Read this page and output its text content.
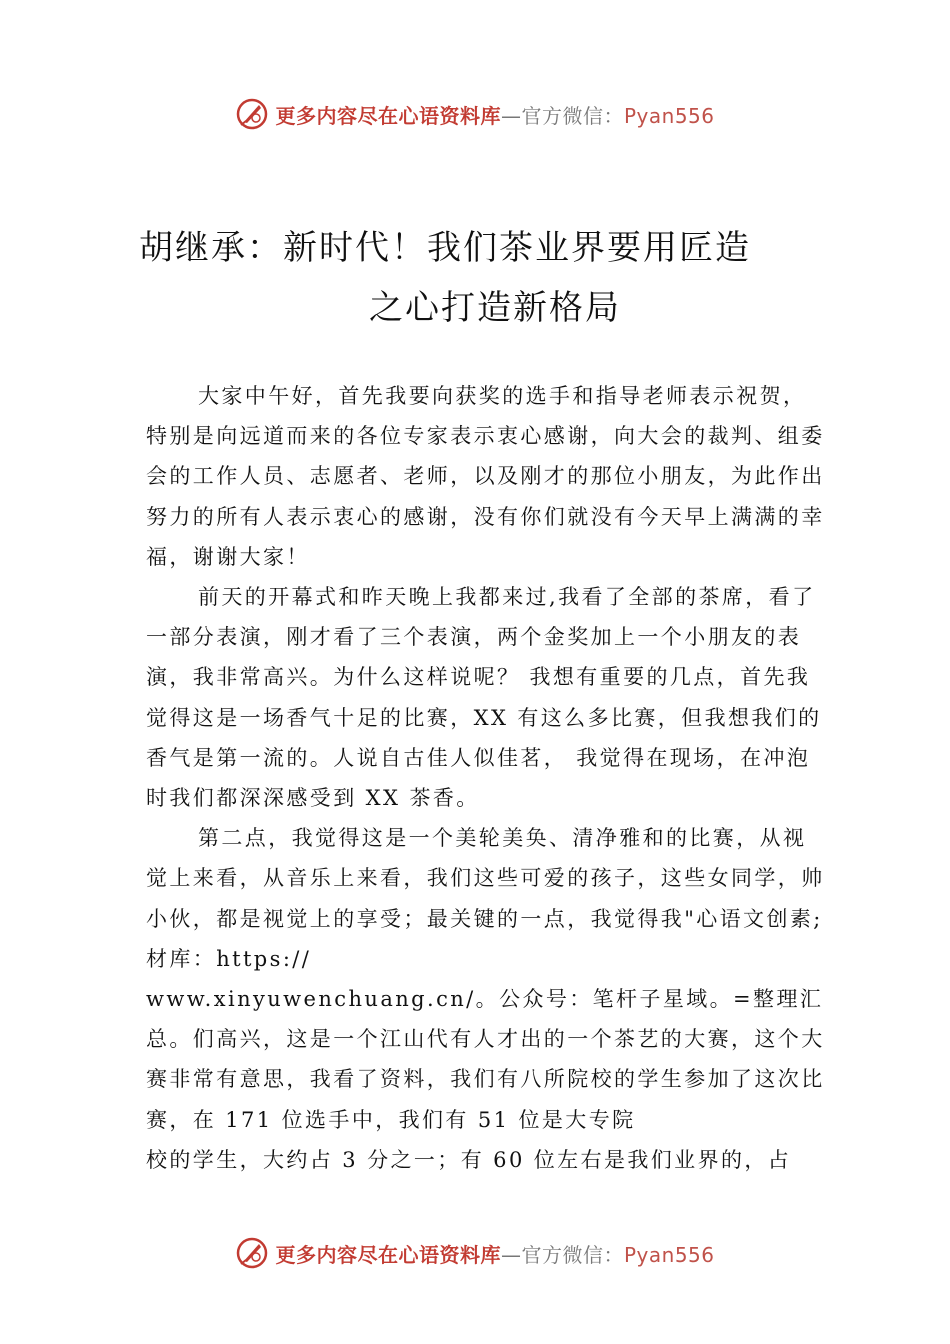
更多内容尽在心语资料库—官方微信：Pyan556
胡继承：新时代！我们茶业界要用匠造
之心打造新格局

大家中午好，首先我要向获奖的选手和指导老师表示祝贺，特别是向远道而来的各位专家表示衷心感谢，向大会的裁判、组委会的工作人员、志愿者、老师，以及刚才的那位小朋友，为此作出努力的所有人表示衷心的感谢，没有你们就没有今天早上满满的幸福，谢谢大家！

前天的开幕式和昨天晚上我都来过,我看了全部的茶席，看了一部分表演，刚才看了三个表演，两个金奖加上一个小朋友的表演，我非常高兴。为什么这样说呢？ 我想有重要的几点，首先我觉得这是一场香气十足的比赛，XX 有这么多比赛，但我想我们的香气是第一流的。人说自古佳人似佳茗， 我觉得在现场，在冲泡时我们都深深感受到 XX 茶香。

第二点，我觉得这是一个美轮美奂、清净雅和的比赛，从视觉上来看，从音乐上来看，我们这些可爱的孩子，这些女同学，帅小伙，都是视觉上的享受；最关键的一点，我觉得我"心语文创素;材库：https://

www.xinyuwenchuang.cn/。公众号：笔杆子星域。=整理汇总。们高兴，这是一个江山代有人才出的一个茶艺的大赛，这个大赛非常有意思，我看了资料，我们有八所院校的学生参加了这次比赛，在 171 位选手中，我们有 51 位是大专院

校的学生，大约占 3 分之一；有 60 位左右是我们业界的，占

更多内容尽在心语资料库—官方微信：Pyan556
